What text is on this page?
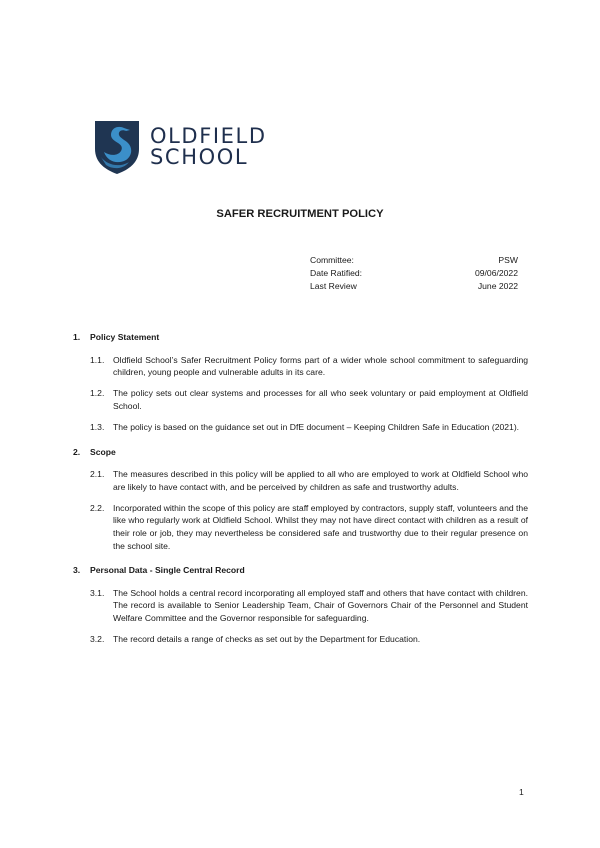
OLDFIELD
SCHOOL
SAFER RECRUITMENT POLICY
Committee:	PSW
Date Ratified:	09/06/2022
Last Review	June 2022
1.	Policy Statement
1.1.	Oldfield School’s Safer Recruitment Policy forms part of a wider whole school commitment to safeguarding children, young people and vulnerable adults in its care.
1.2.	The policy sets out clear systems and processes for all who seek voluntary or paid employment at Oldfield School.
1.3.	The policy is based on the guidance set out in DfE document – Keeping Children Safe in Education (2021).
2.	Scope
2.1.	The measures described in this policy will be applied to all who are employed to work at Oldfield School who are likely to have contact with, and be perceived by children as safe and trustworthy adults.
2.2.	Incorporated within the scope of this policy are staff employed by contractors, supply staff, volunteers and the like who regularly work at Oldfield School. Whilst they may not have direct contact with children as a result of their role or job, they may nevertheless be considered safe and trustworthy due to their regular presence on the school site.
3.	Personal Data - Single Central Record
3.1.	The School holds a central record incorporating all employed staff and others that have contact with children. The record is available to Senior Leadership Team, Chair of Governors Chair of the Personnel and Student Welfare Committee and the Governor responsible for safeguarding.
3.2.	The record details a range of checks as set out by the Department for Education.
1
